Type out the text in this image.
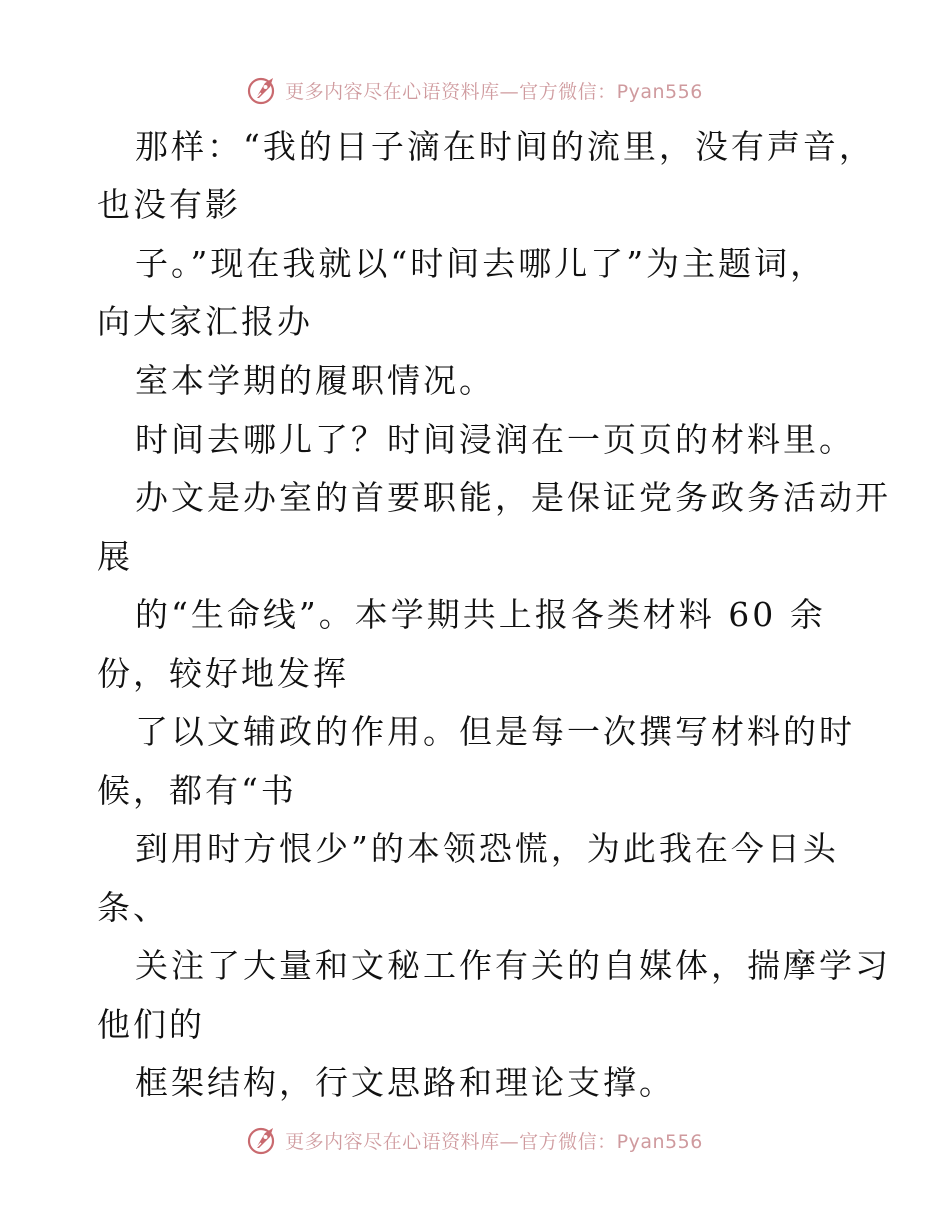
更多内容尽在心语资料库—官方微信：Pyan556
那样：“我的日子滴在时间的流里，没有声音，
也没有影
子。”现在我就以“时间去哪儿了”为主题词，
向大家汇报办
室本学期的履职情况。
时间去哪儿了？时间浸润在一页页的材料里。
办文是办室的首要职能，是保证党务政务活动开
展
的“生命线”。本学期共上报各类材料 60 余
份，较好地发挥
了以文辅政的作用。但是每一次撰写材料的时
候，都有“书
到用时方恨少”的本领恐慌，为此我在今日头
条、
关注了大量和文秘工作有关的自媒体，揣摩学习
他们的
框架结构，行文思路和理论支撑。
更多内容尽在心语资料库—官方微信：Pyan556
